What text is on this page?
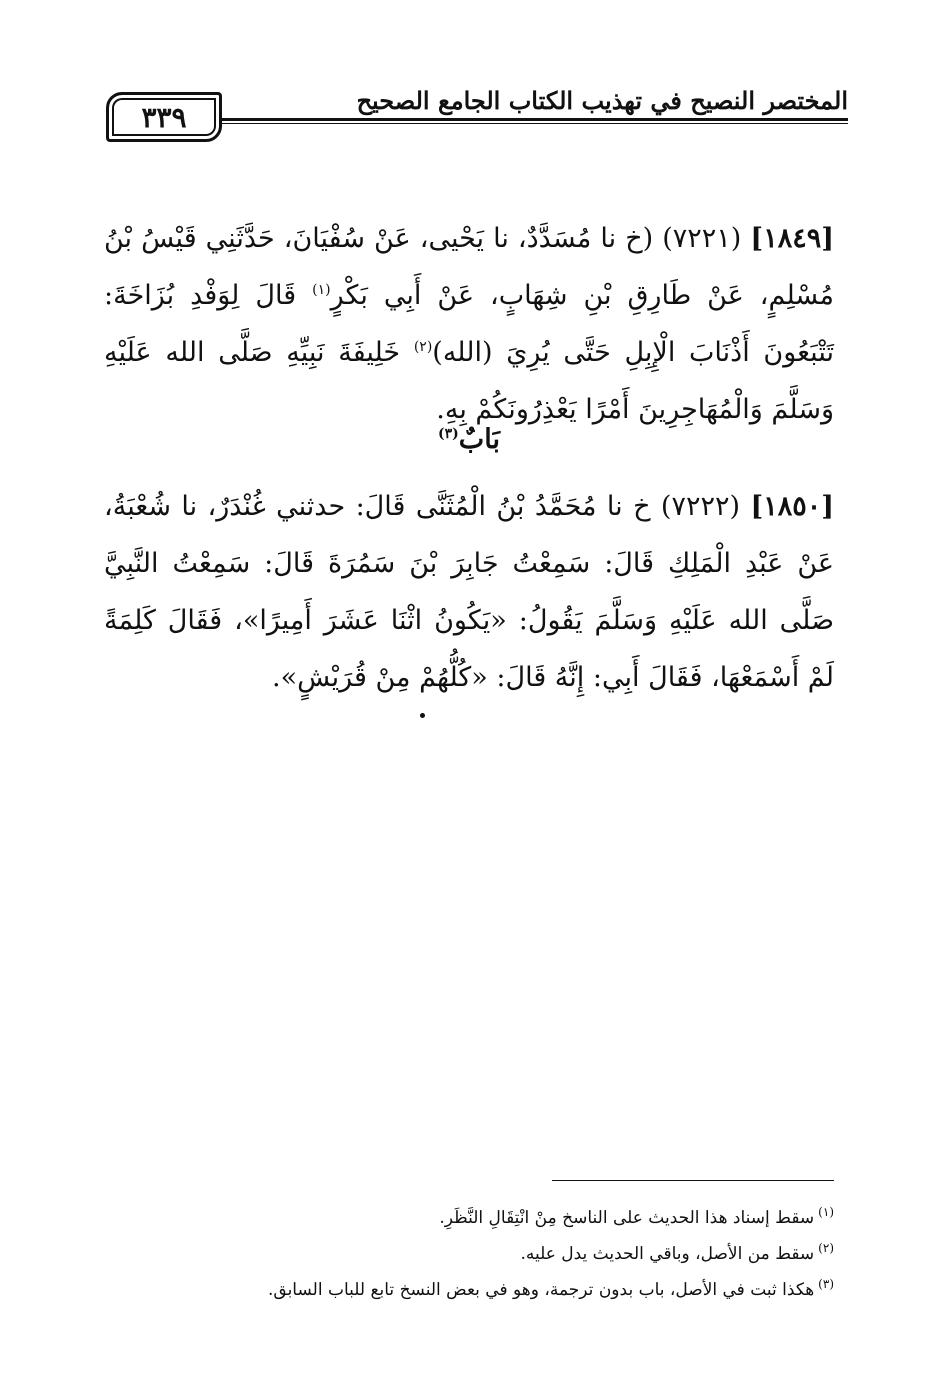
٣٣٩	المختصر النصيح في تهذيب الكتاب الجامع الصحيح
[١٨٤٩] (٧٢٢١) (خ نا مُسَدَّدٌ، نا يَحْيى، عَنْ سُفْيَانَ، حَدَّثَنِي قَيْسُ بْنُ مُسْلِمٍ، عَنْ طَارِقِ بْنِ شِهَابٍ، عَنْ أَبِي بَكْرٍ$^{(١)}$ قَالَ لِوَفْدِ بُزَاخَةَ: تَتْبَعُونَ أَذْنَابَ الْإِبِلِ حَتَّى يُرِيَ (الله)$^{(٢)}$ خَلِيفَةَ نَبِيِّهِ صَلَّى الله عَلَيْهِ وَسَلَّمَ وَالْمُهَاجِرِينَ أَمْرًا يَعْذِرُونَكُمْ بِهِ.
بَابٌ$^{(٣)}$
[١٨٥٠] (٧٢٢٢) خ نا مُحَمَّدُ بْنُ الْمُثَنَّى قَالَ: حدثني غُنْدَرٌ، نا شُعْبَةُ، عَنْ عَبْدِ الْمَلِكِ قَالَ: سَمِعْتُ جَابِرَ بْنَ سَمُرَةَ قَالَ: سَمِعْتُ النَّبِيَّ صَلَّى الله عَلَيْهِ وَسَلَّمَ يَقُولُ: «يَكُونُ اثْنَا عَشَرَ أَمِيرًا»، فَقَالَ كَلِمَةً لَمْ أَسْمَعْهَا، فَقَالَ أَبِي: إِنَّهُ قَالَ: «كُلُّهُمْ مِنْ قُرَيْشٍ».
$^{(١)}$سقط إسناد هذا الحديث على الناسخ مِنْ انْتِقَالِ النَّظَرِ.
$^{(٢)}$سقط من الأصل، وباقي الحديث يدل عليه.
$^{(٣)}$هكذا ثبت في الأصل، باب بدون ترجمة، وهو في بعض النسخ تابع للباب السابق.
